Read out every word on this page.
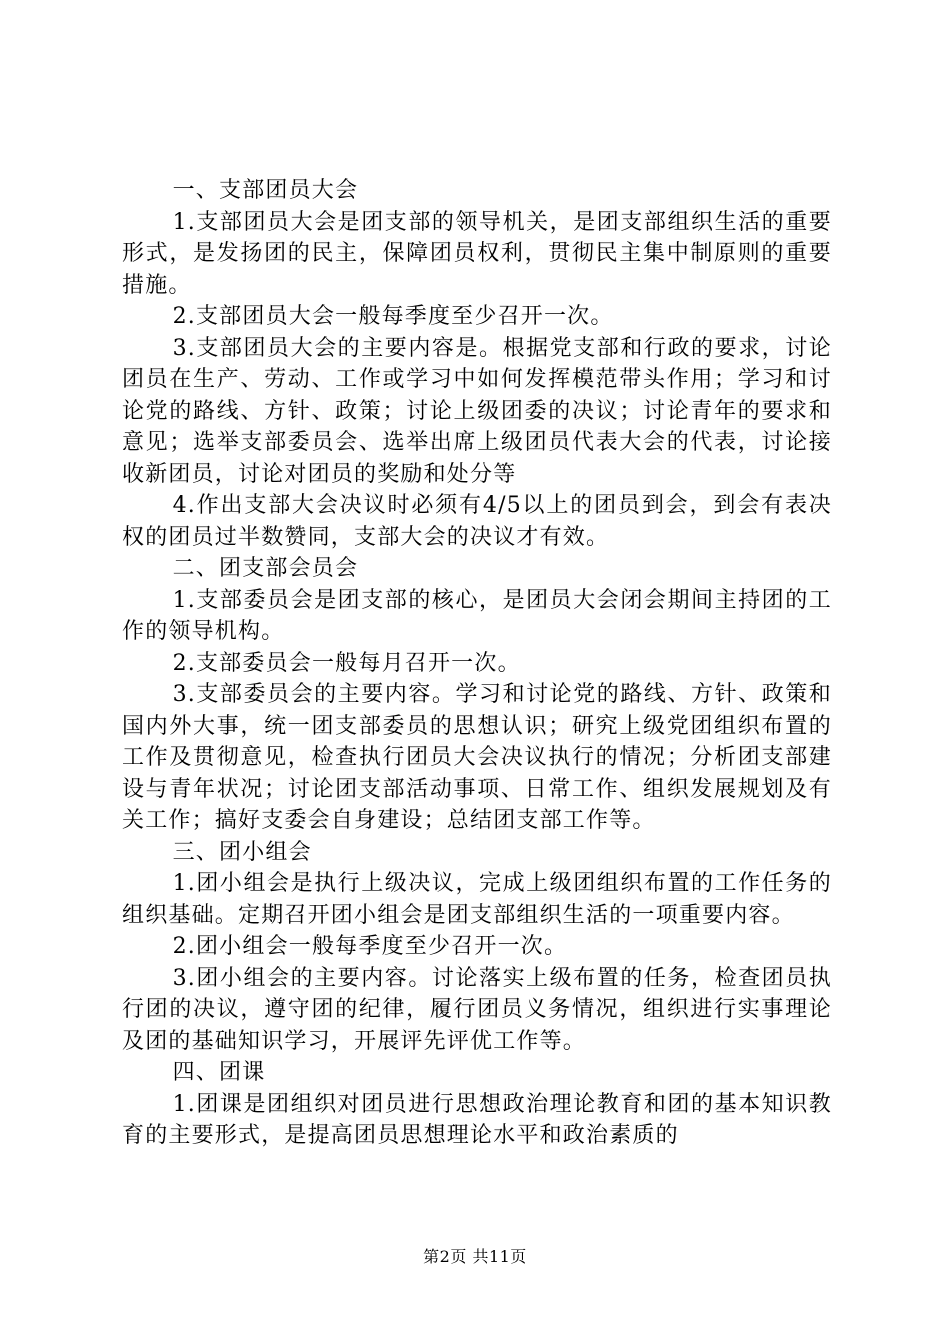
一、支部团员大会

1.支部团员大会是团支部的领导机关，是团支部组织生活的重要形式，是发扬团的民主，保障团员权利，贯彻民主集中制原则的重要措施。

2.支部团员大会一般每季度至少召开一次。

3.支部团员大会的主要内容是。根据党支部和行政的要求，讨论团员在生产、劳动、工作或学习中如何发挥模范带头作用；学习和讨论党的路线、方针、政策；讨论上级团委的决议；讨论青年的要求和意见；选举支部委员会、选举出席上级团员代表大会的代表，讨论接收新团员，讨论对团员的奖励和处分等

4.作出支部大会决议时必须有4/5以上的团员到会，到会有表决权的团员过半数赞同，支部大会的决议才有效。

二、团支部会员会

1.支部委员会是团支部的核心，是团员大会闭会期间主持团的工作的领导机构。

2.支部委员会一般每月召开一次。

3.支部委员会的主要内容。学习和讨论党的路线、方针、政策和国内外大事，统一团支部委员的思想认识；研究上级党团组织布置的工作及贯彻意见，检查执行团员大会决议执行的情况；分析团支部建设与青年状况；讨论团支部活动事项、日常工作、组织发展规划及有关工作；搞好支委会自身建设；总结团支部工作等。

三、团小组会

1.团小组会是执行上级决议，完成上级团组织布置的工作任务的组织基础。定期召开团小组会是团支部组织生活的一项重要内容。

2.团小组会一般每季度至少召开一次。

3.团小组会的主要内容。讨论落实上级布置的任务，检查团员执行团的决议，遵守团的纪律，履行团员义务情况，组织进行实事理论及团的基础知识学习，开展评先评优工作等。

四、团课

1.团课是团组织对团员进行思想政治理论教育和团的基本知识教育的主要形式，是提高团员思想理论水平和政治素质的

第2页 共11页
